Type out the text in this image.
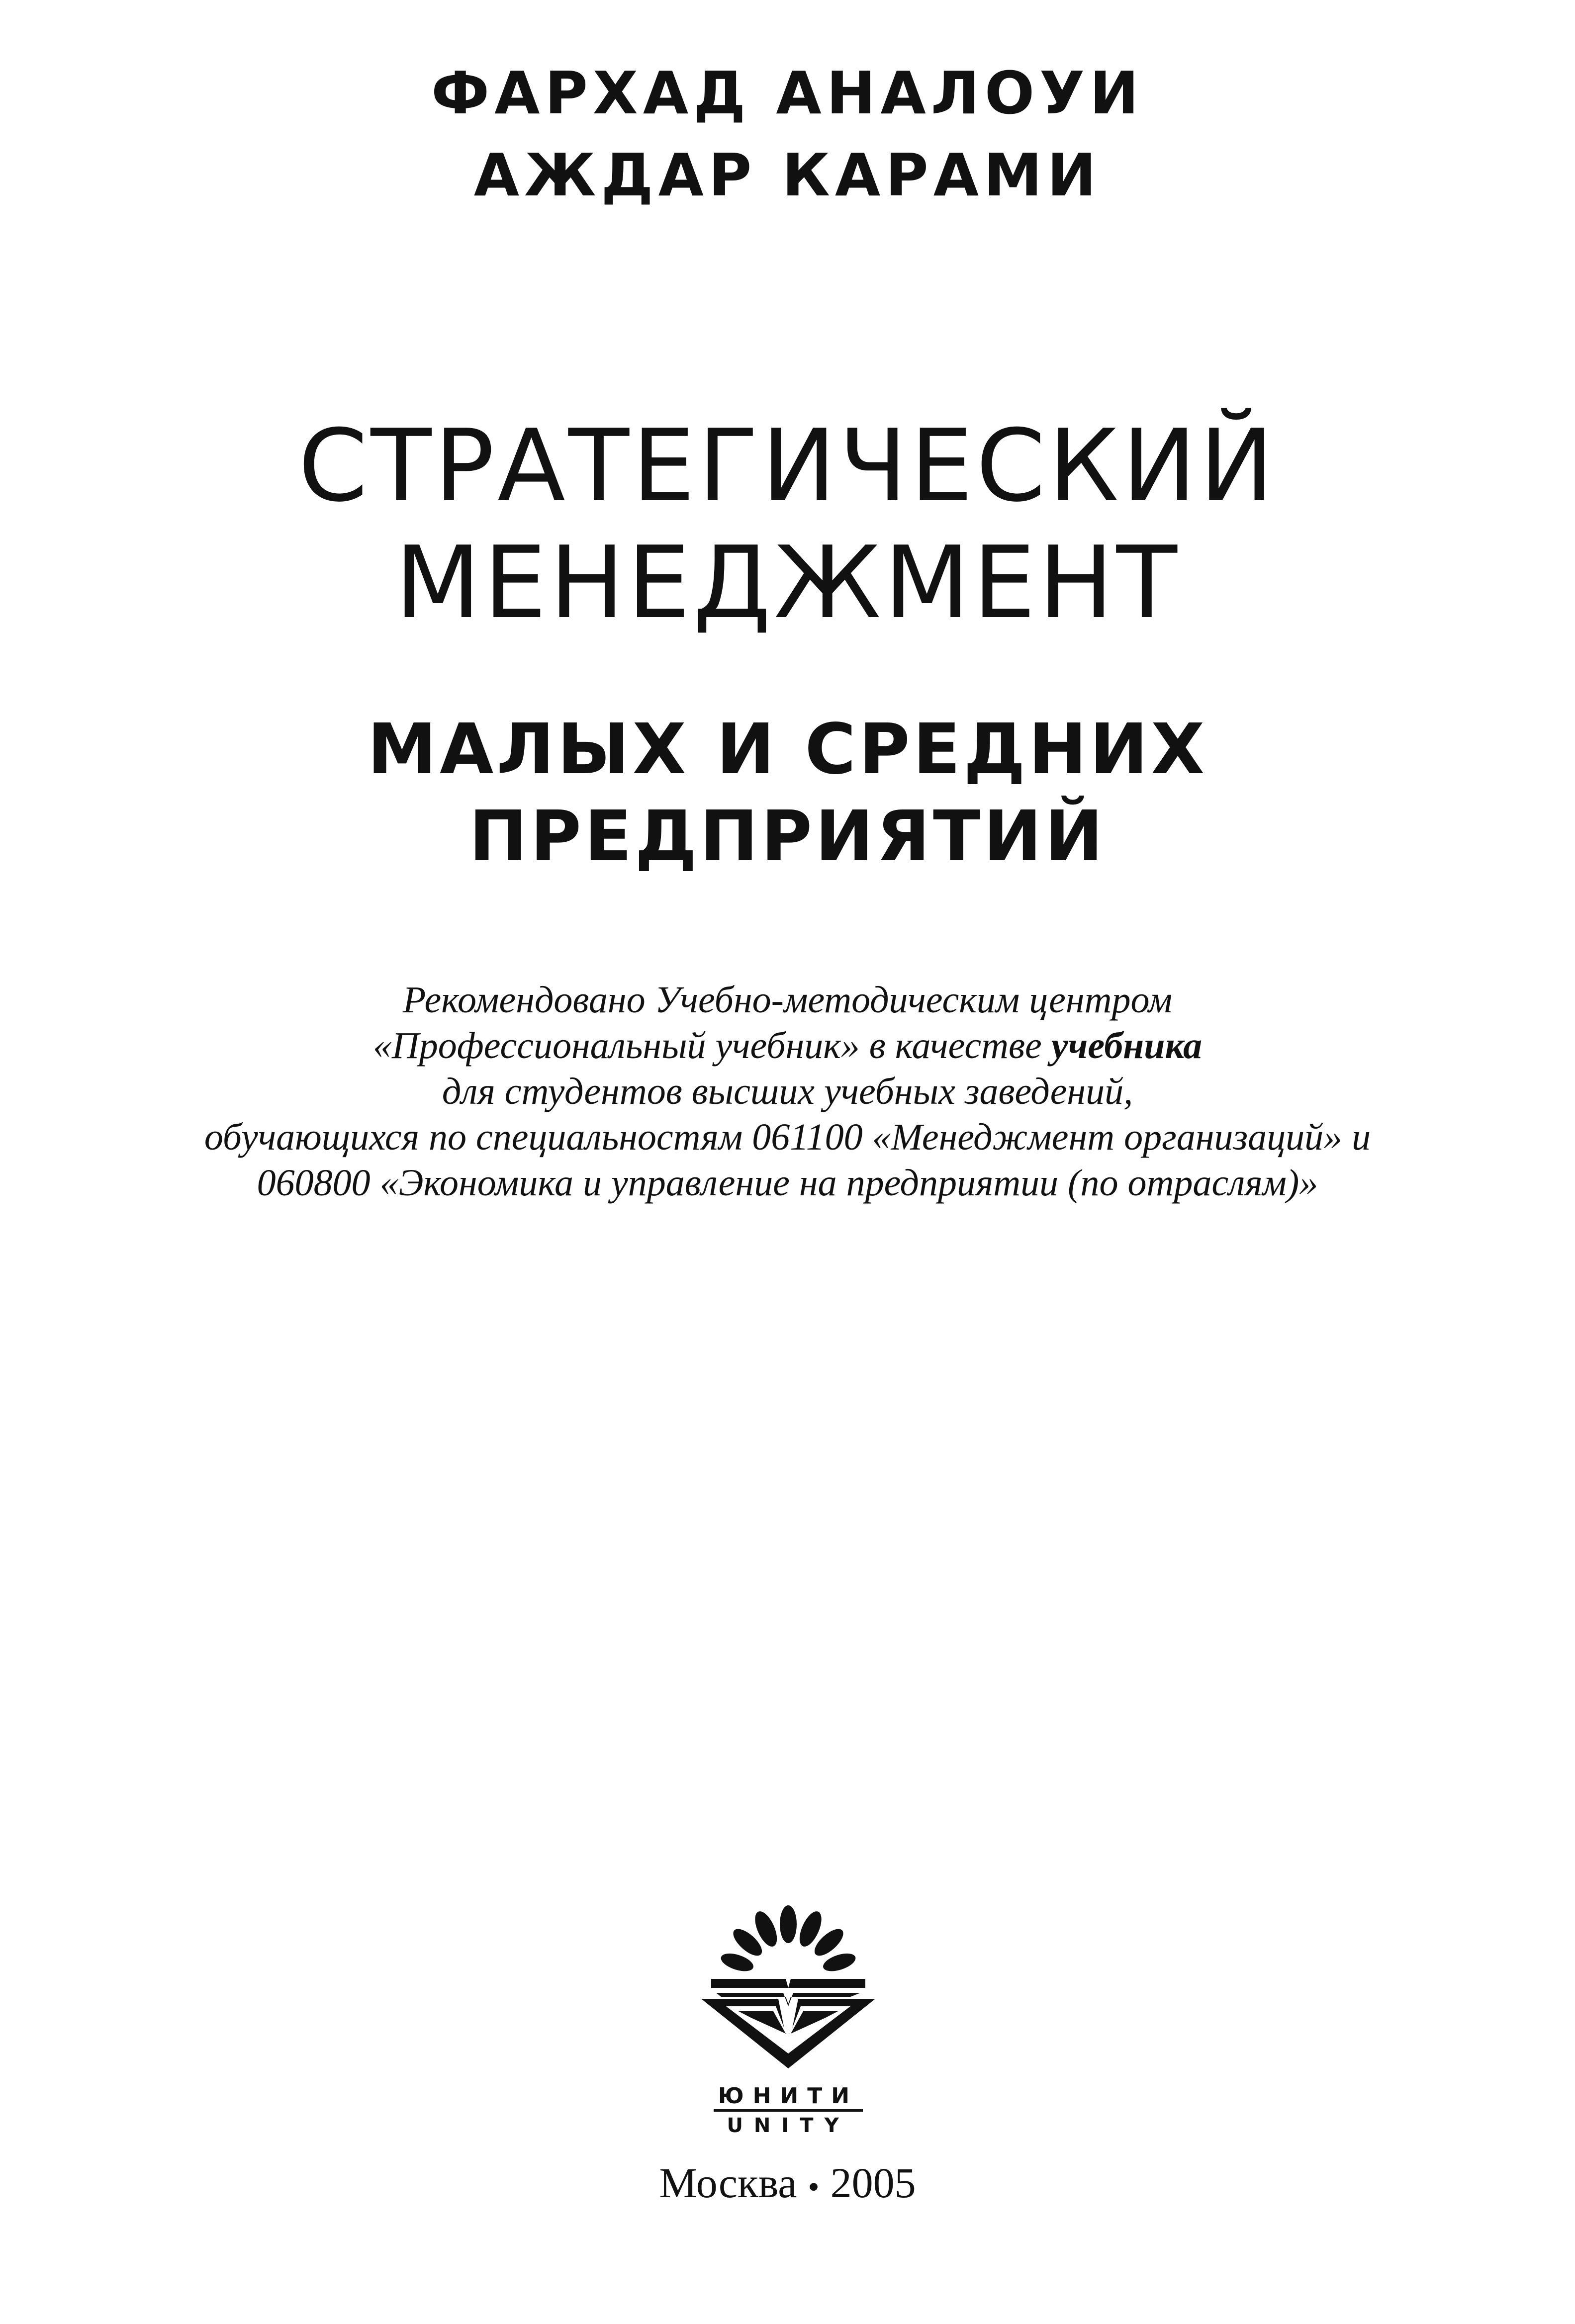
ФАРХАД АНАЛОУИ
АЖДАР КАРАМИ
СТРАТЕГИЧЕСКИЙ
МЕНЕДЖМЕНТ
МАЛЫХ И СРЕДНИХ
ПРЕДПРИЯТИЙ
Рекомендовано Учебно-методическим центром
«Профессиональный учебник» в качестве учебника
для студентов высших учебных заведений,
обучающихся по специальностям 061100 «Менеджмент организаций» и
060800 «Экономика и управление на предприятии (по отраслям)»
ЮНИТИ
UNITY
Москва • 2005
